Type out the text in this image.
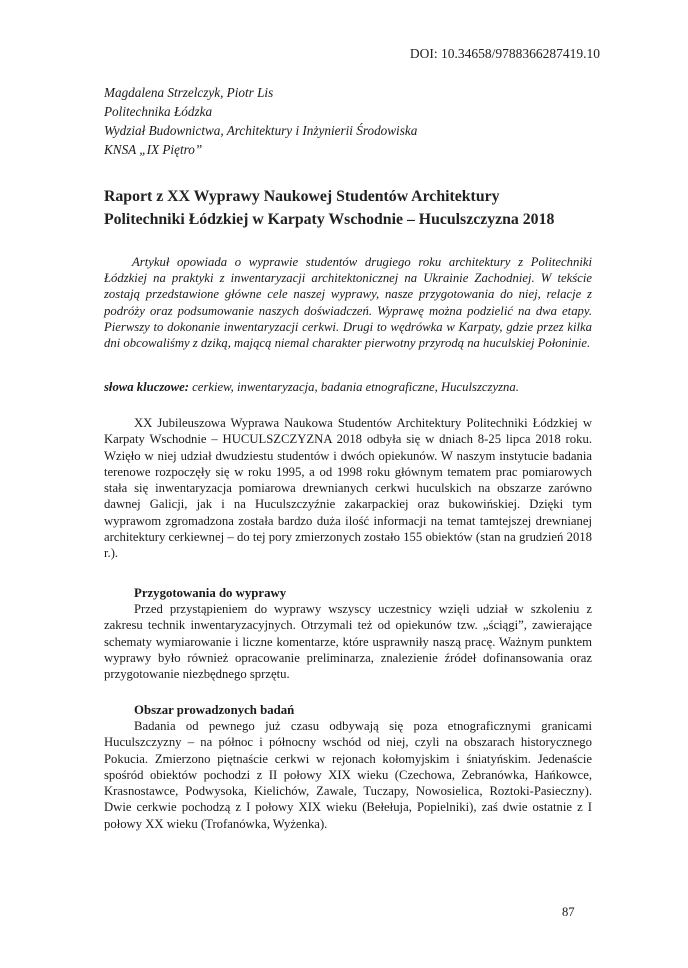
DOI: 10.34658/9788366287419.10
Magdalena Strzelczyk, Piotr Lis
Politechnika Łódzka
Wydział Budownictwa, Architektury i Inżynierii Środowiska
KNSA „IX Piętro”
Raport z XX Wyprawy Naukowej Studentów Architektury
Politechniki Łódzkiej w Karpaty Wschodnie – Huculszczyzna 2018

Artykuł opowiada o wyprawie studentów drugiego roku architektury z Politechniki Łódzkiej na praktyki z inwentaryzacji architektonicznej na Ukrainie Zachodniej. W tekście zostają przedstawione główne cele naszej wyprawy, nasze przygotowania do niej, relacje z podróży oraz podsumowanie naszych doświadczeń. Wyprawę można podzielić na dwa etapy. Pierwszy to dokonanie inwentaryzacji cerkwi. Drugi to wędrówka w Karpaty, gdzie przez kilka dni obcowaliśmy z dziką, mającą niemal charakter pierwotny przyrodą na huculskiej Połoninie.

słowa kluczowe: cerkiew, inwentaryzacja, badania etnograficzne, Huculszczyzna.

XX Jubileuszowa Wyprawa Naukowa Studentów Architektury Politechniki Łódzkiej w Karpaty Wschodnie – HUCULSZCZYZNA 2018 odbyła się w dniach 8-25 lipca 2018 roku. Wzięło w niej udział dwudziestu studentów i dwóch opiekunów. W naszym instytucie badania terenowe rozpoczęły się w roku 1995, a od 1998 roku głównym tematem prac pomiarowych stała się inwentaryzacja pomiarowa drewnianych cerkwi huculskich na obszarze zarówno dawnej Galicji, jak i na Huculszczyźnie zakarpackiej oraz bukowińskiej. Dzięki tym wyprawom zgromadzona została bardzo duża ilość informacji na temat tamtejszej drewnianej architektury cerkiewnej – do tej pory zmierzonych zostało 155 obiektów (stan na grudzień 2018 r.).

Przygotowania do wyprawy

Przed przystąpieniem do wyprawy wszyscy uczestnicy wzięli udział w szkoleniu z zakresu technik inwentaryzacyjnych. Otrzymali też od opiekunów tzw. „ściągi”, zawierające schematy wymiarowanie i liczne komentarze, które usprawniły naszą pracę. Ważnym punktem wyprawy było również opracowanie preliminarza, znalezienie źródeł dofinansowania oraz przygotowanie niezbędnego sprzętu.

Obszar prowadzonych badań

Badania od pewnego już czasu odbywają się poza etnograficznymi granicami Huculszczyzny – na północ i północny wschód od niej, czyli na obszarach historycznego Pokucia. Zmierzono piętnaście cerkwi w rejonach kołomyjskim i śniatyńskim. Jedenaście spośród obiektów pochodzi z II połowy XIX wieku (Czechowa, Zebranówka, Hańkowce, Krasnostawce, Podwysoka, Kielichów, Zawale, Tuczapy, Nowosielica, Roztoki-Pasieczny). Dwie cerkwie pochodzą z I połowy XIX wieku (Bełełuja, Popielniki), zaś dwie ostatnie z I połowy XX wieku (Trofanówka, Wyżenka).

87
